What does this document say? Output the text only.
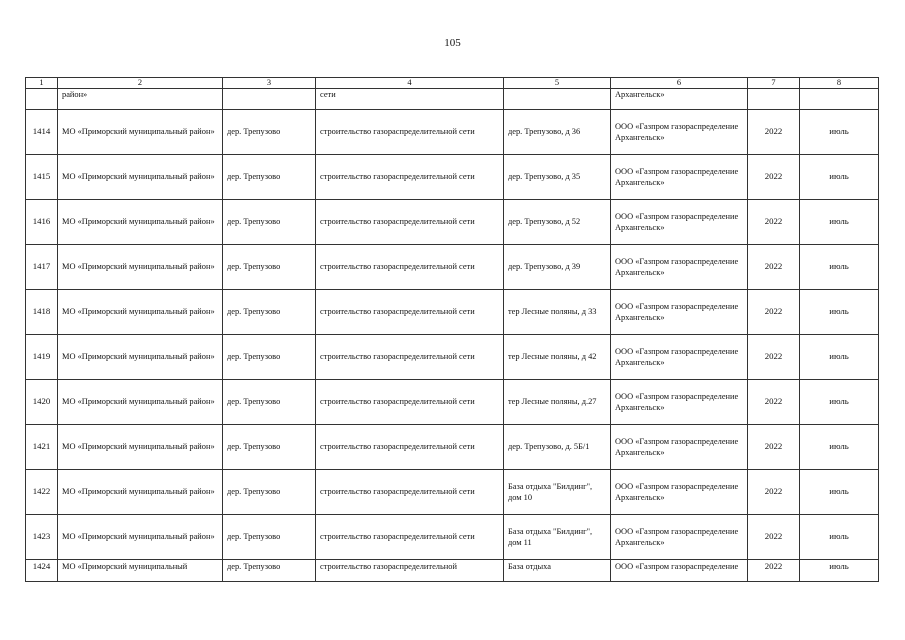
105
1	2	3	4	5	6	7	8
	район»		сети		Архангельск»		
1414	МО «Приморский муниципальный район»	дер. Трепузово	строительство газораспределительной сети	дер. Трепузово, д 36	ООО «Газпром газораспределение Архангельск»	2022	июль
1415	МО «Приморский муниципальный район»	дер. Трепузово	строительство газораспределительной сети	дер. Трепузово, д 35	ООО «Газпром газораспределение Архангельск»	2022	июль
1416	МО «Приморский муниципальный район»	дер. Трепузово	строительство газораспределительной сети	дер. Трепузово, д 52	ООО «Газпром газораспределение Архангельск»	2022	июль
1417	МО «Приморский муниципальный район»	дер. Трепузово	строительство газораспределительной сети	дер. Трепузово, д 39	ООО «Газпром газораспределение Архангельск»	2022	июль
1418	МО «Приморский муниципальный район»	дер. Трепузово	строительство газораспределительной сети	тер Лесные поляны, д 33	ООО «Газпром газораспределение Архангельск»	2022	июль
1419	МО «Приморский муниципальный район»	дер. Трепузово	строительство газораспределительной сети	тер Лесные поляны, д 42	ООО «Газпром газораспределение Архангельск»	2022	июль
1420	МО «Приморский муниципальный район»	дер. Трепузово	строительство газораспределительной сети	тер Лесные поляны, д.27	ООО «Газпром газораспределение Архангельск»	2022	июль
1421	МО «Приморский муниципальный район»	дер. Трепузово	строительство газораспределительной сети	дер. Трепузово, д. 5Б/1	ООО «Газпром газораспределение Архангельск»	2022	июль
1422	МО «Приморский муниципальный район»	дер. Трепузово	строительство газораспределительной сети	База отдыха "Билдинг", дом 10	ООО «Газпром газораспределение Архангельск»	2022	июль
1423	МО «Приморский муниципальный район»	дер. Трепузово	строительство газораспределительной сети	База отдыха "Билдинг", дом 11	ООО «Газпром газораспределение Архангельск»	2022	июль
1424	МО «Приморский муниципальный	дер. Трепузово	строительство газораспределительной	База отдыха	ООО «Газпром газораспределение	2022	июль
